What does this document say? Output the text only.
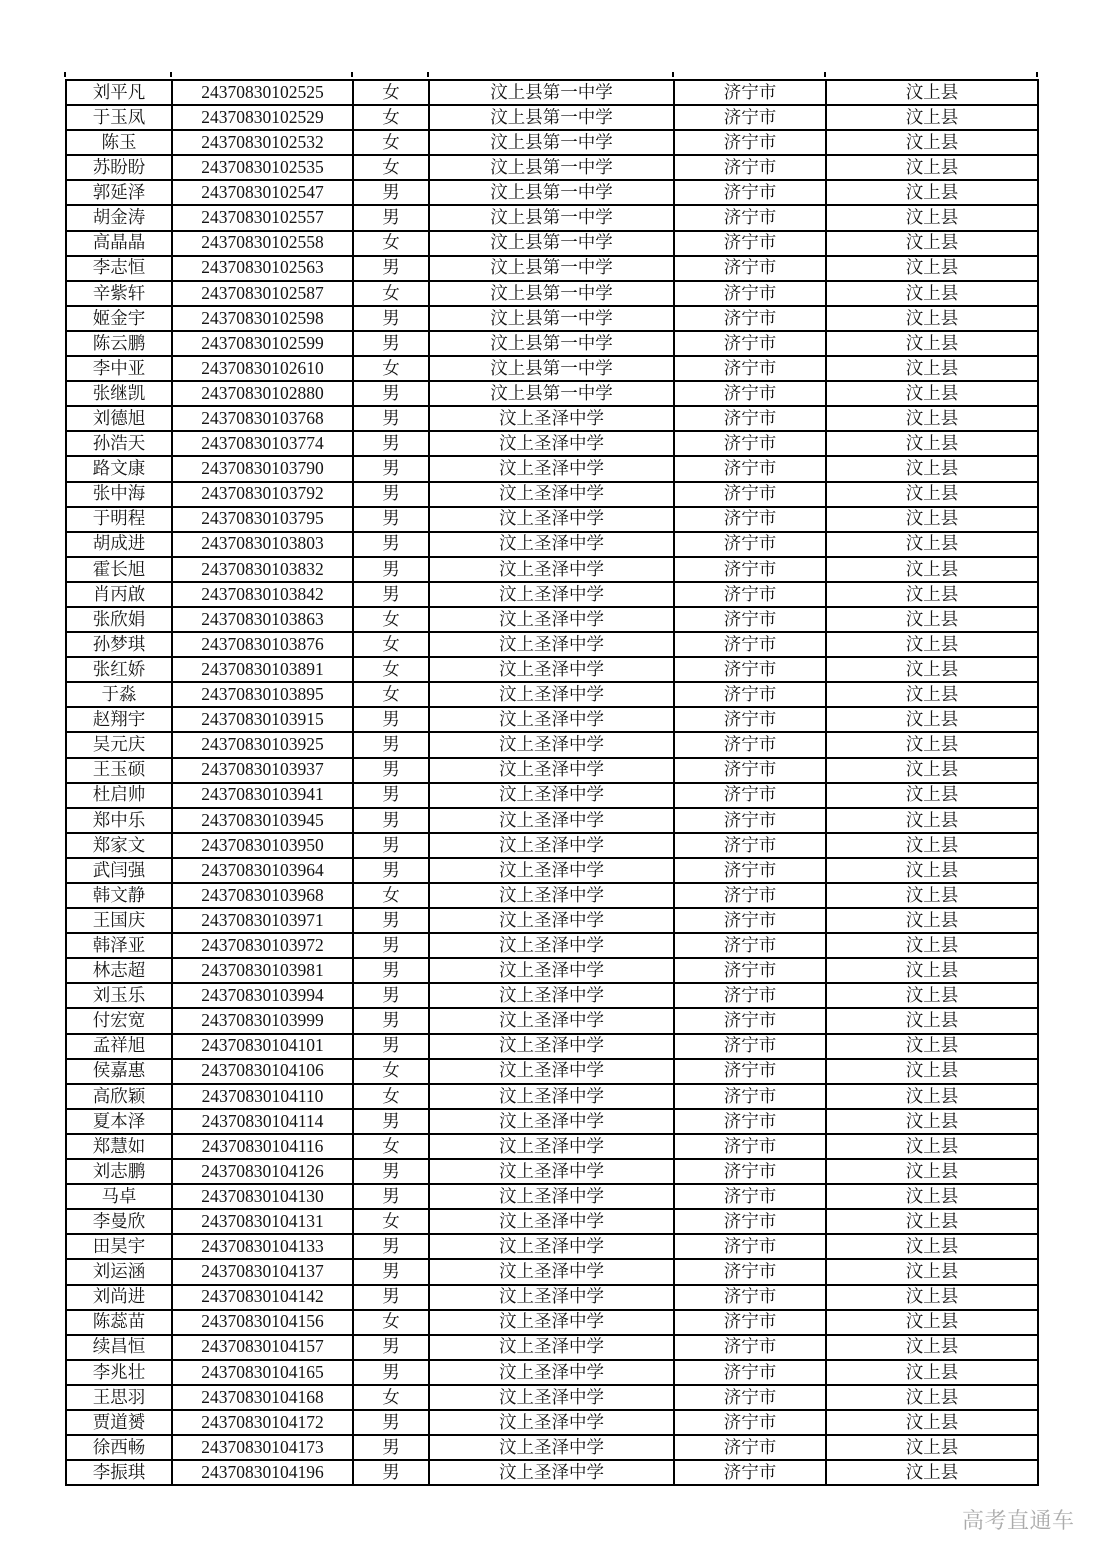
刘平凡	24370830102525	女	汶上县第一中学	济宁市	汶上县
于玉凤	24370830102529	女	汶上县第一中学	济宁市	汶上县
陈玉	24370830102532	女	汶上县第一中学	济宁市	汶上县
苏盼盼	24370830102535	女	汶上县第一中学	济宁市	汶上县
郭延泽	24370830102547	男	汶上县第一中学	济宁市	汶上县
胡金涛	24370830102557	男	汶上县第一中学	济宁市	汶上县
高晶晶	24370830102558	女	汶上县第一中学	济宁市	汶上县
李志恒	24370830102563	男	汶上县第一中学	济宁市	汶上县
辛紫轩	24370830102587	女	汶上县第一中学	济宁市	汶上县
姬金宇	24370830102598	男	汶上县第一中学	济宁市	汶上县
陈云鹏	24370830102599	男	汶上县第一中学	济宁市	汶上县
李中亚	24370830102610	女	汶上县第一中学	济宁市	汶上县
张继凯	24370830102880	男	汶上县第一中学	济宁市	汶上县
刘德旭	24370830103768	男	汶上圣泽中学	济宁市	汶上县
孙浩天	24370830103774	男	汶上圣泽中学	济宁市	汶上县
路文康	24370830103790	男	汶上圣泽中学	济宁市	汶上县
张中海	24370830103792	男	汶上圣泽中学	济宁市	汶上县
于明程	24370830103795	男	汶上圣泽中学	济宁市	汶上县
胡成进	24370830103803	男	汶上圣泽中学	济宁市	汶上县
霍长旭	24370830103832	男	汶上圣泽中学	济宁市	汶上县
肖丙啟	24370830103842	男	汶上圣泽中学	济宁市	汶上县
张欣娟	24370830103863	女	汶上圣泽中学	济宁市	汶上县
孙梦琪	24370830103876	女	汶上圣泽中学	济宁市	汶上县
张红娇	24370830103891	女	汶上圣泽中学	济宁市	汶上县
于淼	24370830103895	女	汶上圣泽中学	济宁市	汶上县
赵翔宇	24370830103915	男	汶上圣泽中学	济宁市	汶上县
吴元庆	24370830103925	男	汶上圣泽中学	济宁市	汶上县
王玉硕	24370830103937	男	汶上圣泽中学	济宁市	汶上县
杜启帅	24370830103941	男	汶上圣泽中学	济宁市	汶上县
郑中乐	24370830103945	男	汶上圣泽中学	济宁市	汶上县
郑家文	24370830103950	男	汶上圣泽中学	济宁市	汶上县
武闫强	24370830103964	男	汶上圣泽中学	济宁市	汶上县
韩文静	24370830103968	女	汶上圣泽中学	济宁市	汶上县
王国庆	24370830103971	男	汶上圣泽中学	济宁市	汶上县
韩泽亚	24370830103972	男	汶上圣泽中学	济宁市	汶上县
林志超	24370830103981	男	汶上圣泽中学	济宁市	汶上县
刘玉乐	24370830103994	男	汶上圣泽中学	济宁市	汶上县
付宏宽	24370830103999	男	汶上圣泽中学	济宁市	汶上县
孟祥旭	24370830104101	男	汶上圣泽中学	济宁市	汶上县
侯嘉惠	24370830104106	女	汶上圣泽中学	济宁市	汶上县
高欣颖	24370830104110	女	汶上圣泽中学	济宁市	汶上县
夏本泽	24370830104114	男	汶上圣泽中学	济宁市	汶上县
郑慧如	24370830104116	女	汶上圣泽中学	济宁市	汶上县
刘志鹏	24370830104126	男	汶上圣泽中学	济宁市	汶上县
马卓	24370830104130	男	汶上圣泽中学	济宁市	汶上县
李曼欣	24370830104131	女	汶上圣泽中学	济宁市	汶上县
田昊宇	24370830104133	男	汶上圣泽中学	济宁市	汶上县
刘运涵	24370830104137	男	汶上圣泽中学	济宁市	汶上县
刘尚进	24370830104142	男	汶上圣泽中学	济宁市	汶上县
陈蕊苗	24370830104156	女	汶上圣泽中学	济宁市	汶上县
续昌恒	24370830104157	男	汶上圣泽中学	济宁市	汶上县
李兆壮	24370830104165	男	汶上圣泽中学	济宁市	汶上县
王思羽	24370830104168	女	汶上圣泽中学	济宁市	汶上县
贾道赟	24370830104172	男	汶上圣泽中学	济宁市	汶上县
徐西畅	24370830104173	男	汶上圣泽中学	济宁市	汶上县
李振琪	24370830104196	男	汶上圣泽中学	济宁市	汶上县
高考直通车
